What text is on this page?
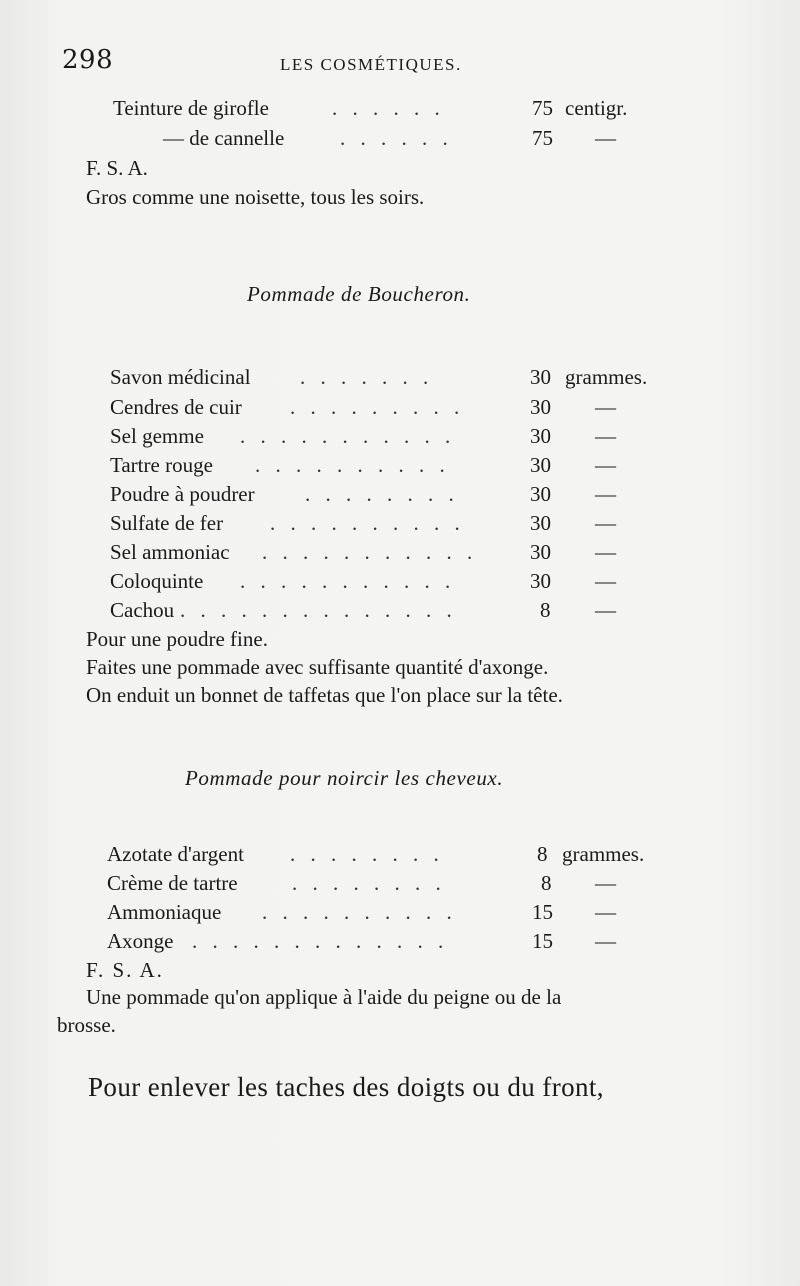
298	LES COSMÉTIQUES.
Teinture de girofle	. . . . . .	75 centigr.
— de cannelle	. . . . . .	75 —
F. S. A.
Gros comme une noisette, tous les soirs.
Pommade de Boucheron.
Savon médicinal . . . . . . .	30 grammes.
Cendres de cuir . . . . . . . . .	30 —
Sel gemme . . . . . . . . . . .	30 —
Tartre rouge . . . . . . . . . .	30 —
Poudre à poudrer . . . . . . . .	30 —
Sulfate de fer . . . . . . . . . .	30 —
Sel ammoniac . . . . . . . . . . .	30 —
Coloquinte . . . . . . . . . . .	30 —
Cachou . . . . . . . . . . . . . .	8 —
Pour une poudre fine.
Faites une pommade avec suffisante quantité d'axonge.
On enduit un bonnet de taffetas que l'on place sur la tête.
Pommade pour noircir les cheveux.
Azotate d'argent . . . . . . . .	8 grammes.
Crème de tartre	. . . . . . . .	8 —
Ammoniaque . . . . . . . . . .	15 —
Axonge . . . . . . . . . . . . .	15 —
F. S. A.
Une pommade qu'on applique à l'aide du peigne ou de la
brosse.
Pour enlever les taches des doigts ou du front,
